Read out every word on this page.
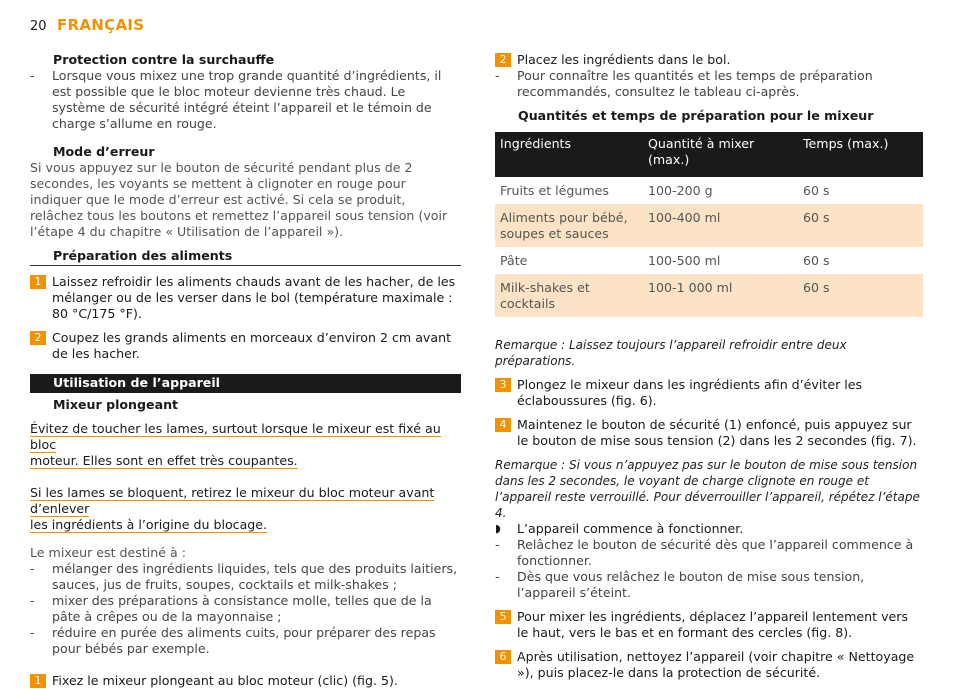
20 FRANÇAIS
Protection contre la surchauffe
- Lorsque vous mixez une trop grande quantité d’ingrédients, il est possible que le bloc moteur devienne très chaud. Le système de sécurité intégré éteint l’appareil et le témoin de charge s’allume en rouge.
Mode d’erreur
Si vous appuyez sur le bouton de sécurité pendant plus de 2 secondes, les voyants se mettent à clignoter en rouge pour indiquer que le mode d’erreur est activé. Si cela se produit, relâchez tous les boutons et remettez l’appareil sous tension (voir l’étape 4 du chapitre « Utilisation de l’appareil »).
Préparation des aliments
1 Laissez refroidir les aliments chauds avant de les hacher, de les mélanger ou de les verser dans le bol (température maximale : 80 °C/175 °F).
2 Coupez les grands aliments en morceaux d’environ 2 cm avant de les hacher.
Utilisation de l’appareil
Mixeur plongeant
Évitez de toucher les lames, surtout lorsque le mixeur est fixé au bloc
moteur. Elles sont en effet très coupantes.
Si les lames se bloquent, retirez le mixeur du bloc moteur avant d’enlever
les ingrédients à l’origine du blocage.
Le mixeur est destiné à :
- mélanger des ingrédients liquides, tels que des produits laitiers, sauces, jus de fruits, soupes, cocktails et milk-shakes ;
- mixer des préparations à consistance molle, telles que de la pâte à crêpes ou de la mayonnaise ;
- réduire en purée des aliments cuits, pour préparer des repas pour bébés par exemple.
1 Fixez le mixeur plongeant au bloc moteur (clic) (fig. 5).
2 Placez les ingrédients dans le bol.
- Pour connaître les quantités et les temps de préparation recommandés, consultez le tableau ci-après.
Quantités et temps de préparation pour le mixeur
Ingrédients	Quantité à mixer (max.)	Temps (max.)
Fruits et légumes	100-200 g	60 s
Aliments pour bébé, soupes et sauces	100-400 ml	60 s
Pâte	100-500 ml	60 s
Milk-shakes et cocktails	100-1 000 ml	60 s
Remarque : Laissez toujours l’appareil refroidir entre deux préparations.
3 Plongez le mixeur dans les ingrédients afin d’éviter les éclaboussures (fig. 6).
4 Maintenez le bouton de sécurité (1) enfoncé, puis appuyez sur le bouton de mise sous tension (2) dans les 2 secondes (fig. 7).
Remarque : Si vous n’appuyez pas sur le bouton de mise sous tension dans les 2 secondes, le voyant de charge clignote en rouge et l’appareil reste verrouillé. Pour déverrouiller l’appareil, répétez l’étape 4.
◗ L’appareil commence à fonctionner.
- Relâchez le bouton de sécurité dès que l’appareil commence à fonctionner.
- Dès que vous relâchez le bouton de mise sous tension, l’appareil s’éteint.
5 Pour mixer les ingrédients, déplacez l’appareil lentement vers le haut, vers le bas et en formant des cercles (fig. 8).
6 Après utilisation, nettoyez l’appareil (voir chapitre « Nettoyage »), puis placez-le dans la protection de sécurité.
